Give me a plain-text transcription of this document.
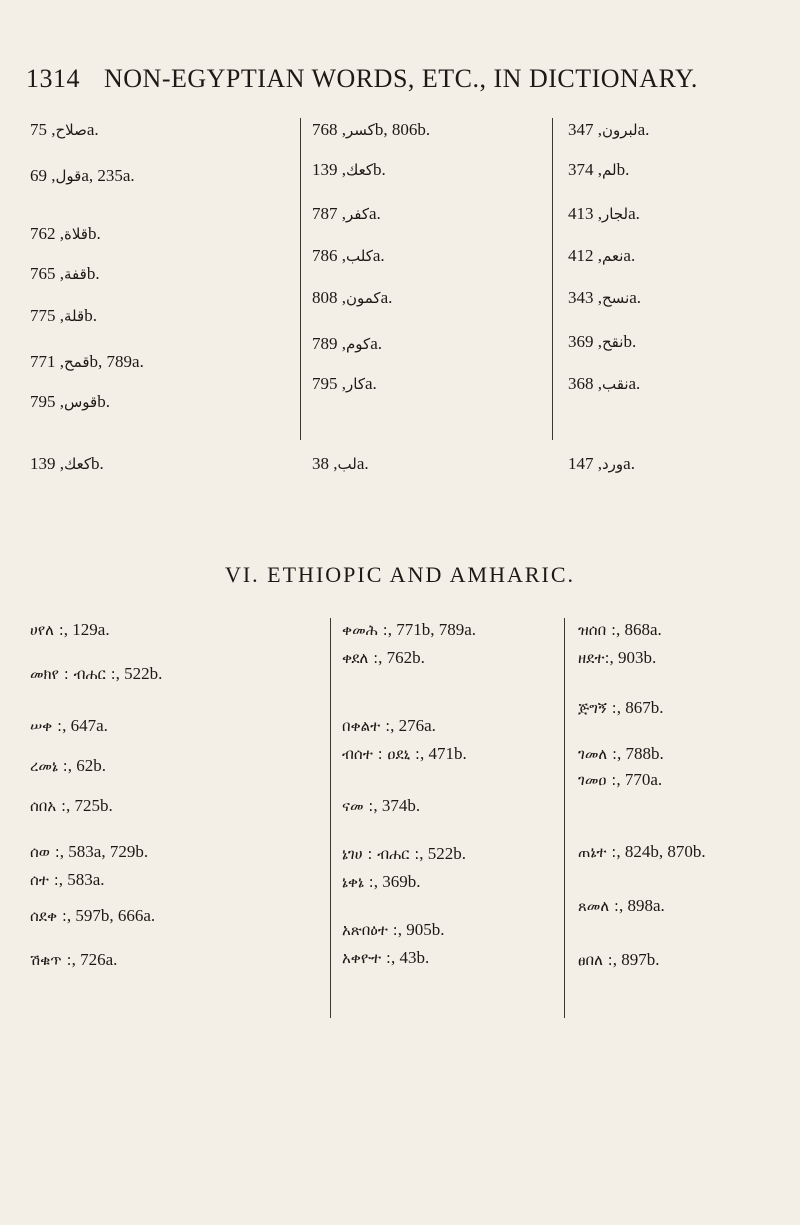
1314 NON-EGYPTIAN WORDS, ETC., IN DICTIONARY.
ﺻﻼﺡ, 75a.
ﻗﻮﻝ, 69a, 235a.
ﻗﻼﺓ, 762b.
ﻗﻔﺔ, 765b.
ﻗﻠﺔ, 775b.
ﻗﻤﺢ, 771b, 789a.
ﻗﻮﺱ, 795b.
ﻛﻌﻚ, 139b.
ﻛﺴﺮ, 768b, 806b.
ﻛﻌﻚ, 139b.
ﻛﻔﺮ, 787a.
ﻛﻠﺐ, 786a.
ﻛﻤﻮﻥ, 808a.
ﻛﻮﻡ, 789a.
ﻛﺎﺭ, 795a.
ﻟﺐ, 38a.
ﻟﺒﺮﻭﻥ, 347a.
ﻟﻢ, 374b.
ﻟﺠﺎﺭ, 413a.
ﻧﻌﻢ, 412a.
ﻧﺴﺢ, 343a.
ﻧﻘﺢ, 369b.
ﻧﻘﺐ, 368a.
ﻭﺭﺩ, 147a.
VI. ETHIOPIC AND AMHARIC.
ሀየለ :, 129a.
መክየ : ብሐር :, 522b.
ሠቀ :, 647a.
ረመኔ :, 62b.
ሰበአ :, 725b.
ሰወ :, 583a, 729b.
ሰተ :, 583a.
ሰደቀ :, 597b, 666a.
ሽቁጥ :, 726a.
ቀመሕ :, 771b, 789a.
ቀደለ :, 762b.
በቀልተ :, 276a.
ብሰተ : ዐደኒ :, 471b.
ናመ :, 374b.
ኔገሀ : ብሐር :, 522b.
ኔቀኔ :, 369b.
አጽበዕተ :, 905b.
አቀዮተ :, 43b.
ዝሰበ :, 868a.
ዘደተ:, 903b.
ጅግኝ :, 867b.
ገመለ :, 788b.
ገመዐ :, 770a.
ጠኔተ :, 824b, 870b.
ጸመለ :, 898a.
ፀበለ :, 897b.
